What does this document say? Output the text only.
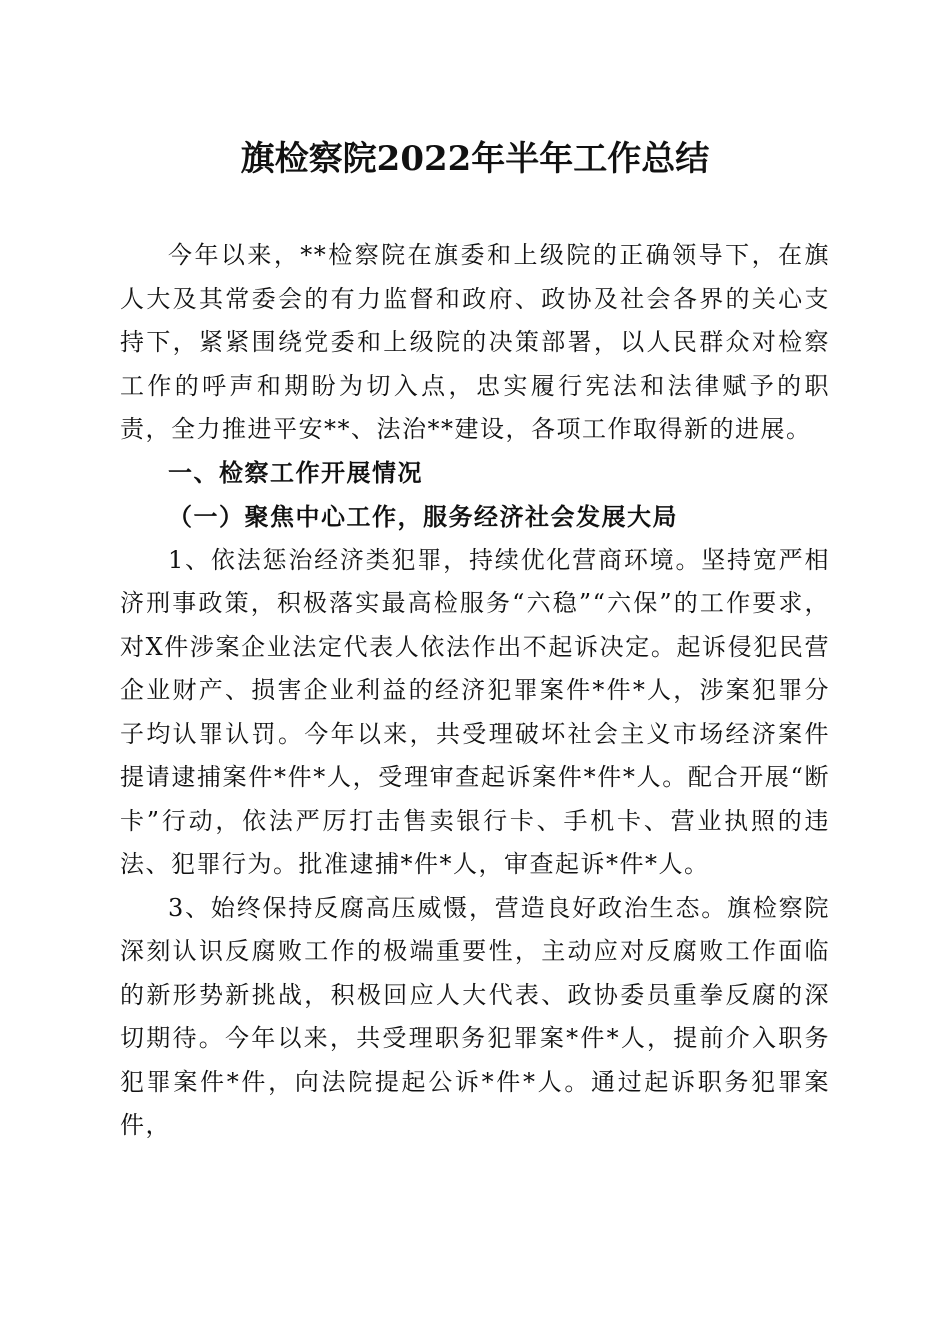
旗检察院2022年半年工作总结

今年以来，**检察院在旗委和上级院的正确领导下，在旗人大及其常委会的有力监督和政府、政协及社会各界的关心支持下，紧紧围绕党委和上级院的决策部署，以人民群众对检察工作的呼声和期盼为切入点，忠实履行宪法和法律赋予的职责，全力推进平安**、法治**建设，各项工作取得新的进展。

一、检察工作开展情况

（一）聚焦中心工作，服务经济社会发展大局

1、依法惩治经济类犯罪，持续优化营商环境。坚持宽严相济刑事政策，积极落实最高检服务“六稳”“六保”的工作要求，对X件涉案企业法定代表人依法作出不起诉决定。起诉侵犯民营企业财产、损害企业利益的经济犯罪案件*件*人，涉案犯罪分子均认罪认罚。今年以来，共受理破坏社会主义市场经济案件提请逮捕案件*件*人，受理审查起诉案件*件*人。配合开展“断卡”行动，依法严厉打击售卖银行卡、手机卡、营业执照的违法、犯罪行为。批准逮捕*件*人，审查起诉*件*人。

3、始终保持反腐高压威慑，营造良好政治生态。旗检察院深刻认识反腐败工作的极端重要性，主动应对反腐败工作面临的新形势新挑战，积极回应人大代表、政协委员重拳反腐的深切期待。今年以来，共受理职务犯罪案*件*人，提前介入职务犯罪案件*件，向法院提起公诉*件*人。通过起诉职务犯罪案件，
